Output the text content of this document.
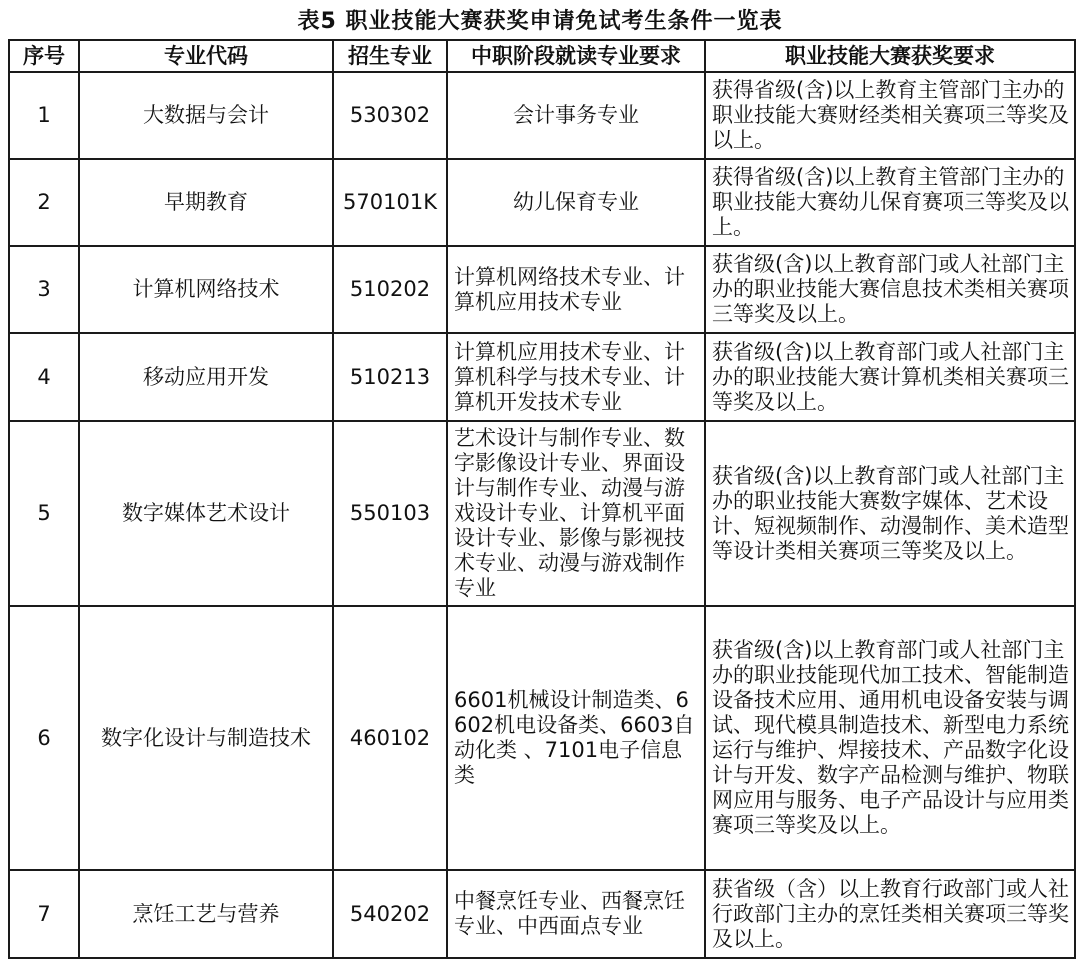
表5 职业技能大赛获奖申请免试考生条件一览表
序号	专业代码	招生专业	中职阶段就读专业要求	职业技能大赛获奖要求
1	大数据与会计	530302	会计事务专业	获得省级(含)以上教育主管部门主办的职业技能大赛财经类相关赛项三等奖及以上。
2	早期教育	570101K	幼儿保育专业	获得省级(含)以上教育主管部门主办的职业技能大赛幼儿保育赛项三等奖及以上。
3	计算机网络技术	510202	计算机网络技术专业、计算机应用技术专业	获省级(含)以上教育部门或人社部门主办的职业技能大赛信息技术类相关赛项三等奖及以上。
4	移动应用开发	510213	计算机应用技术专业、计算机科学与技术专业、计算机开发技术专业	获省级(含)以上教育部门或人社部门主办的职业技能大赛计算机类相关赛项三等奖及以上。
5	数字媒体艺术设计	550103	艺术设计与制作专业、数字影像设计专业、界面设计与制作专业、动漫与游戏设计专业、计算机平面设计专业、影像与影视技术专业、动漫与游戏制作专业	获省级(含)以上教育部门或人社部门主办的职业技能大赛数字媒体、艺术设计、短视频制作、动漫制作、美术造型等设计类相关赛项三等奖及以上。
6	数字化设计与制造技术	460102	6601机械设计制造类、6602机电设备类、6603自动化类 、7101电子信息类	获省级(含)以上教育部门或人社部门主办的职业技能现代加工技术、智能制造设备技术应用、通用机电设备安装与调试、现代模具制造技术、新型电力系统运行与维护、焊接技术、产品数字化设计与开发、数字产品检测与维护、物联网应用与服务、电子产品设计与应用类赛项三等奖及以上。
7	烹饪工艺与营养	540202	中餐烹饪专业、西餐烹饪专业、中西面点专业	获省级（含）以上教育行政部门或人社行政部门主办的烹饪类相关赛项三等奖及以上。
